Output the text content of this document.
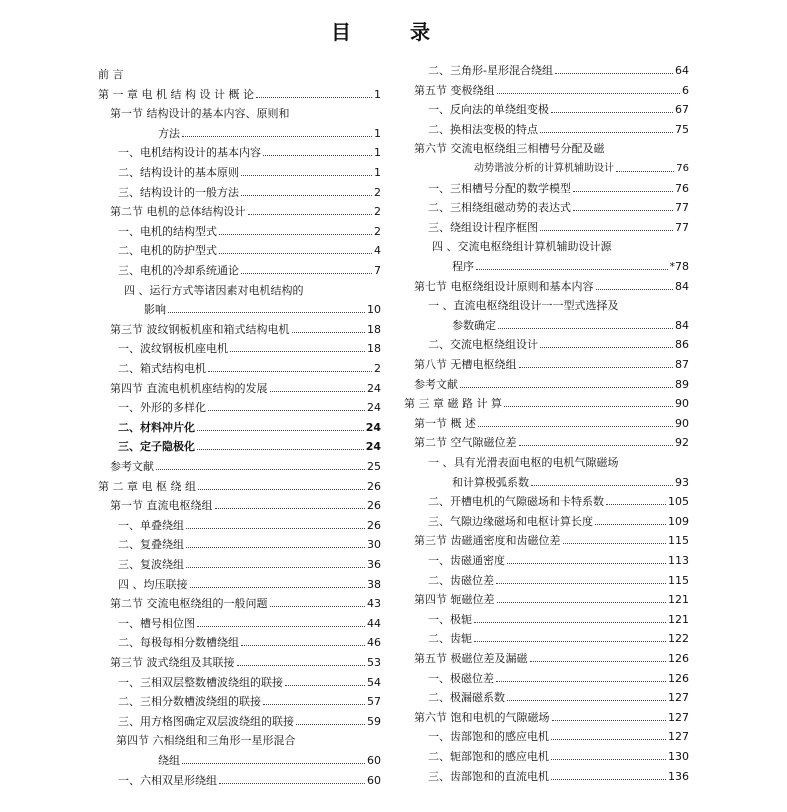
目 录
前 言
第 一 章 电 机 结 构 设 计 概 论	1
第一节 结构设计的基本内容、原则和
方法	1
一、电机结构设计的基本内容	1
二、结构设计的基本原则	1
三、结构设计的一般方法	2
第二节 电机的总体结构设计	2
一、电机的结构型式	2
二、电机的防护型式	4
三、电机的冷却系统通论	7
四 、运行方式等诸因素对电机结构的
影响	10
第三节 波纹钢板机座和箱式结构电机	18
一、波纹钢板机座电机	18
二、箱式结构电机	2
第四节 直流电机机座结构的发展	24
一、外形的多样化	24
二、材料冲片化	24
三、定子隐极化	24
参考文献	25
第 二 章 电 枢 绕 组	26
第一节 直流电枢绕组	26
一、单叠绕组	26
二、复叠绕组	30
三、复波绕组	36
四 、均压联接	38
第二节 交流电枢绕组的一般问题	43
一、槽号相位图	44
二、每极每相分数槽绕组	46
第三节 波式绕组及其联接	53
一、三相双层整数槽波绕组的联接	54
二、三相分数槽波绕组的联接	57
三、用方格图确定双层波绕组的联接	59
第四节 六相绕组和三角形一星形混合
绕组	60
一、六相双星形绕组	60
二、三角形-星形混合绕组	64
第五节 变极绕组	6
一、反向法的单绕组变极	67
二、换相法变极的特点	75
第六节 交流电枢绕组三相槽号分配及磁
动势谐波分析的计算机辅助设计	76
一、三相槽号分配的数学模型	76
二、三相绕组磁动势的表达式	77
三、绕组设计程序框图	77
四 、交流电枢绕组计算机辅助设计源
程序	*78
第七节 电枢绕组设计原则和基本内容	84
一 、直流电枢绕组设计一一型式选择及
参数确定	84
二、交流电枢绕组设计	86
第八节 无槽电枢绕组	87
参考文献	89
第 三 章 磁 路 计 算	90
第一节 概 述	90
第二节 空气隙磁位差	92
一 、具有光滑表面电枢的电机气隙磁场
和计算极弧系数	93
二、开槽电机的气隙磁场和卡特系数	105
三、气隙边缘磁场和电枢计算长度	109
第三节 齿磁通密度和齿磁位差	115
一、齿磁通密度	113
二、齿磁位差	115
第四节 轭磁位差	121
一、极轭	121
二、齿轭	122
第五节 极磁位差及漏磁	126
一、极磁位差	126
二、极漏磁系数	127
第六节 饱和电机的气隙磁场	127
一、齿部饱和的感应电机	127
二、轭部饱和的感应电机	130
三、齿部饱和的直流电机	136
